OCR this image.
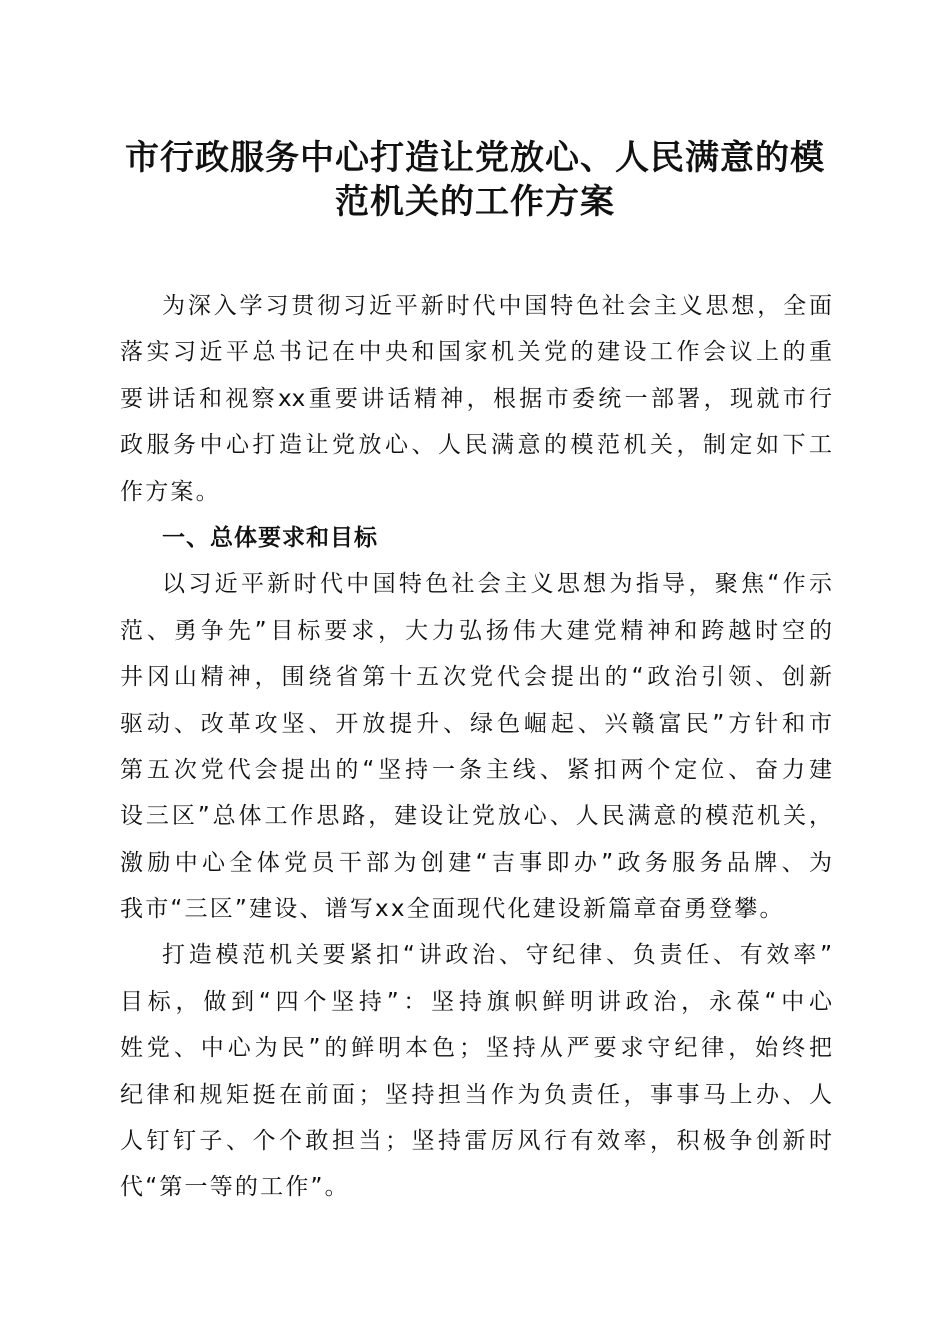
市行政服务中心打造让党放心、人民满意的模
范机关的工作方案
为深入学习贯彻习近平新时代中国特色社会主义思想，全面
落实习近平总书记在中央和国家机关党的建设工作会议上的重
要讲话和视察xx重要讲话精神，根据市委统一部署，现就市行
政服务中心打造让党放心、人民满意的模范机关，制定如下工
作方案。
一、总体要求和目标
以习近平新时代中国特色社会主义思想为指导，聚焦“作示
范、勇争先”目标要求，大力弘扬伟大建党精神和跨越时空的
井冈山精神，围绕省第十五次党代会提出的“政治引领、创新
驱动、改革攻坚、开放提升、绿色崛起、兴赣富民”方针和市
第五次党代会提出的“坚持一条主线、紧扣两个定位、奋力建
设三区”总体工作思路，建设让党放心、人民满意的模范机关，
激励中心全体党员干部为创建“吉事即办”政务服务品牌、为
我市“三区”建设、谱写xx全面现代化建设新篇章奋勇登攀。
打造模范机关要紧扣“讲政治、守纪律、负责任、有效率”
目标，做到“四个坚持”：坚持旗帜鲜明讲政治，永葆“中心
姓党、中心为民”的鲜明本色；坚持从严要求守纪律，始终把
纪律和规矩挺在前面；坚持担当作为负责任，事事马上办、人
人钉钉子、个个敢担当；坚持雷厉风行有效率，积极争创新时
代“第一等的工作”。
